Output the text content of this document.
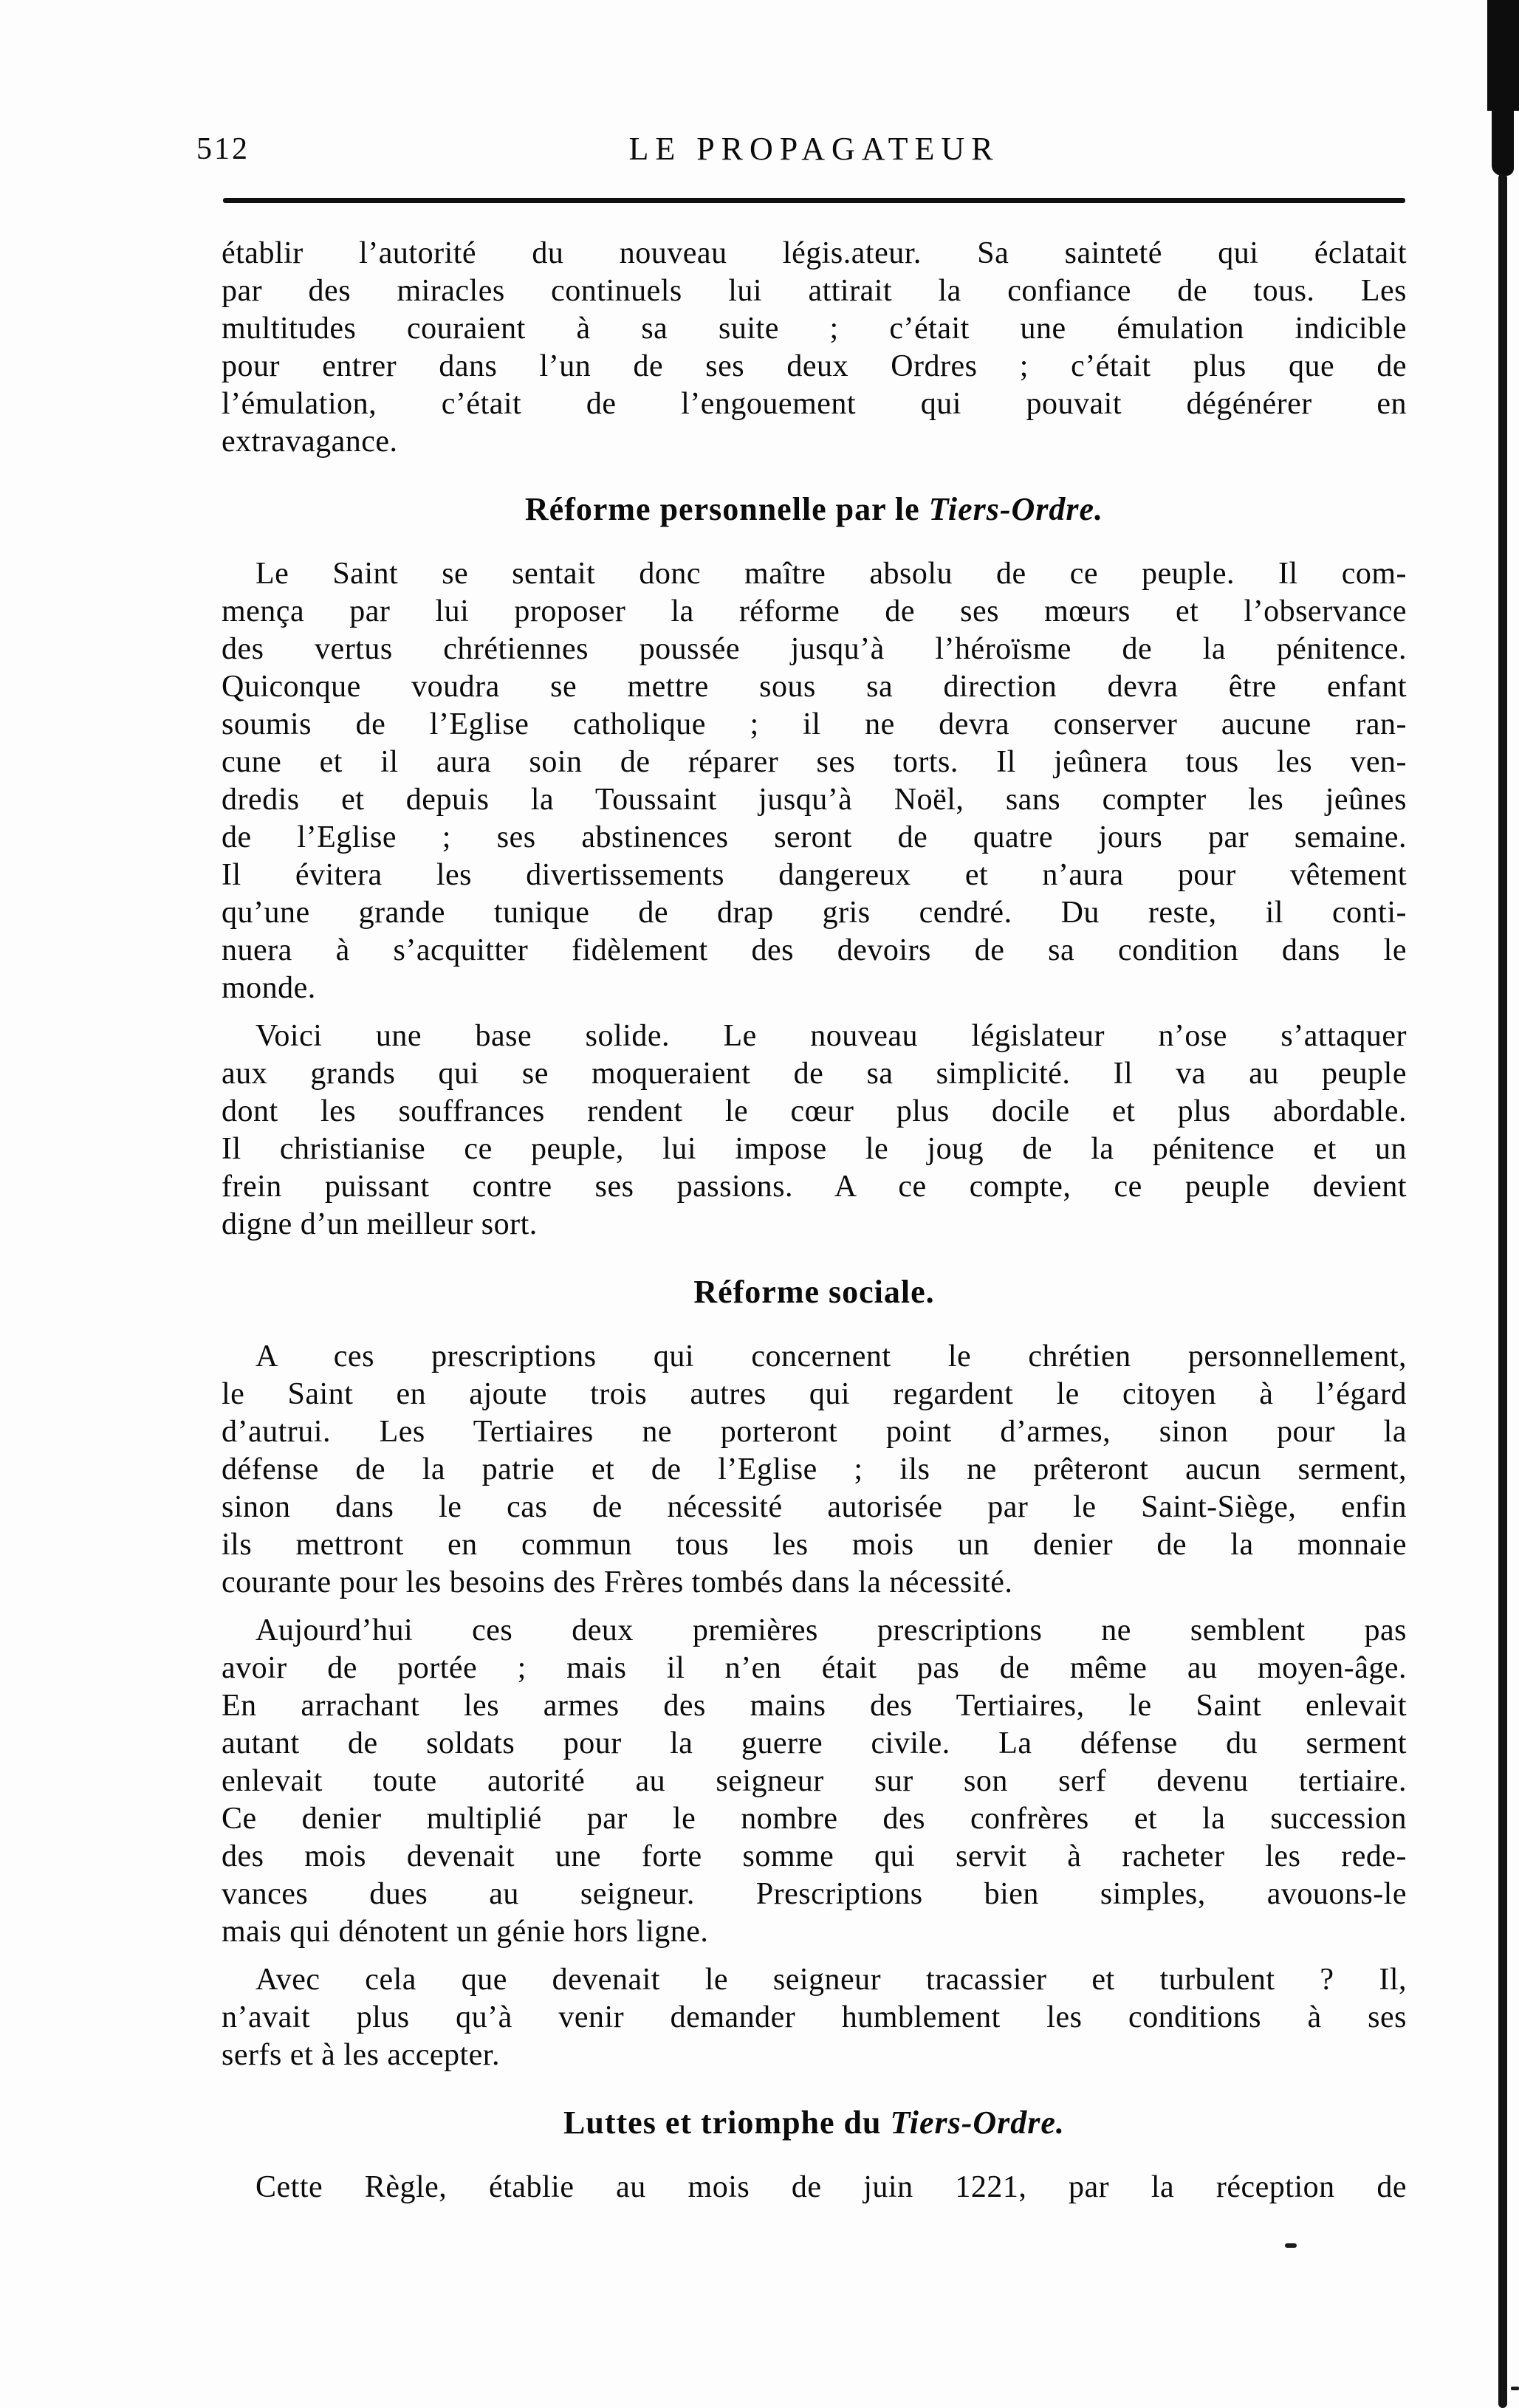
512	LE PROPAGATEUR
établir l’autorité du nouveau légis.ateur. Sa sainteté qui éclatait
par des miracles continuels lui attirait la confiance de tous. Les
multitudes couraient à sa suite ; c’était une émulation indicible
pour entrer dans l’un de ses deux Ordres ; c’était plus que de
l’émulation, c’était de l’engouement qui pouvait dégénérer en
extravagance.
Réforme personnelle par le Tiers-Ordre.
Le Saint se sentait donc maître absolu de ce peuple. Il com-
mença par lui proposer la réforme de ses mœurs et l’observance
des vertus chrétiennes poussée jusqu’à l’héroïsme de la pénitence.
Quiconque voudra se mettre sous sa direction devra être enfant
soumis de l’Eglise catholique ; il ne devra conserver aucune ran-
cune et il aura soin de réparer ses torts. Il jeûnera tous les ven-
dredis et depuis la Toussaint jusqu’à Noël, sans compter les jeûnes
de l’Eglise ; ses abstinences seront de quatre jours par semaine.
Il évitera les divertissements dangereux et n’aura pour vêtement
qu’une grande tunique de drap gris cendré. Du reste, il conti-
nuera à s’acquitter fidèlement des devoirs de sa condition dans le
monde.
Voici une base solide. Le nouveau législateur n’ose s’attaquer
aux grands qui se moqueraient de sa simplicité. Il va au peuple
dont les souffrances rendent le cœur plus docile et plus abordable.
Il christianise ce peuple, lui impose le joug de la pénitence et un
frein puissant contre ses passions. A ce compte, ce peuple devient
digne d’un meilleur sort.
Réforme sociale.
A ces prescriptions qui concernent le chrétien personnellement,
le Saint en ajoute trois autres qui regardent le citoyen à l’égard
d’autrui. Les Tertiaires ne porteront point d’armes, sinon pour la
défense de la patrie et de l’Eglise ; ils ne prêteront aucun serment,
sinon dans le cas de nécessité autorisée par le Saint-Siège, enfin
ils mettront en commun tous les mois un denier de la monnaie
courante pour les besoins des Frères tombés dans la nécessité.
Aujourd’hui ces deux premières prescriptions ne semblent pas
avoir de portée ; mais il n’en était pas de même au moyen-âge.
En arrachant les armes des mains des Tertiaires, le Saint enlevait
autant de soldats pour la guerre civile. La défense du serment
enlevait toute autorité au seigneur sur son serf devenu tertiaire.
Ce denier multiplié par le nombre des confrères et la succession
des mois devenait une forte somme qui servit à racheter les rede-
vances dues au seigneur. Prescriptions bien simples, avouons-le
mais qui dénotent un génie hors ligne.
Avec cela que devenait le seigneur tracassier et turbulent ? Il,
n’avait plus qu’à venir demander humblement les conditions à ses
serfs et à les accepter.
Luttes et triomphe du Tiers-Ordre.
Cette Règle, établie au mois de juin 1221, par la réception de
